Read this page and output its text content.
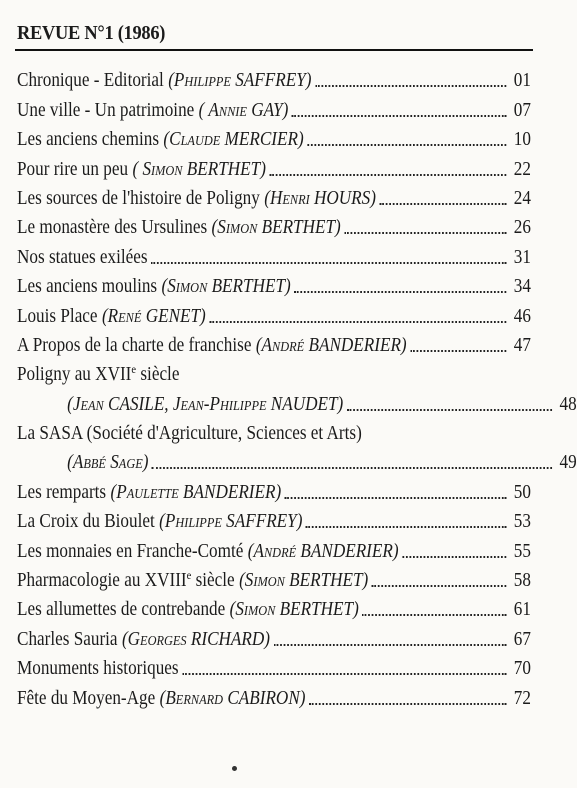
REVUE N°1 (1986)
Chronique - Editorial (Philippe SAFFREY)	01
Une ville - Un patrimoine ( Annie GAY)	07
Les anciens chemins (Claude MERCIER)	10
Pour rire un peu ( Simon BERTHET)	22
Les sources de l'histoire de Poligny (Henri HOURS)	24
Le monastère des Ursulines (Simon BERTHET)	26
Nos statues exilées	31
Les anciens moulins (Simon BERTHET)	34
Louis Place (René GENET)	46
A Propos de la charte de franchise (André BANDERIER)	47
Poligny au XVIIe siècle
(Jean CASILE, Jean-Philippe NAUDET)	48
La SASA (Société d'Agriculture, Sciences et Arts)
(Abbé Sage)	49
Les remparts (Paulette BANDERIER)	50
La Croix du Bioulet (Philippe SAFFREY)	53
Les monnaies en Franche-Comté (André BANDERIER)	55
Pharmacologie au XVIIIe siècle (Simon BERTHET)	58
Les allumettes de contrebande (Simon BERTHET)	61
Charles Sauria (Georges RICHARD)	67
Monuments historiques	70
Fête du Moyen-Age (Bernard CABIRON)	72
